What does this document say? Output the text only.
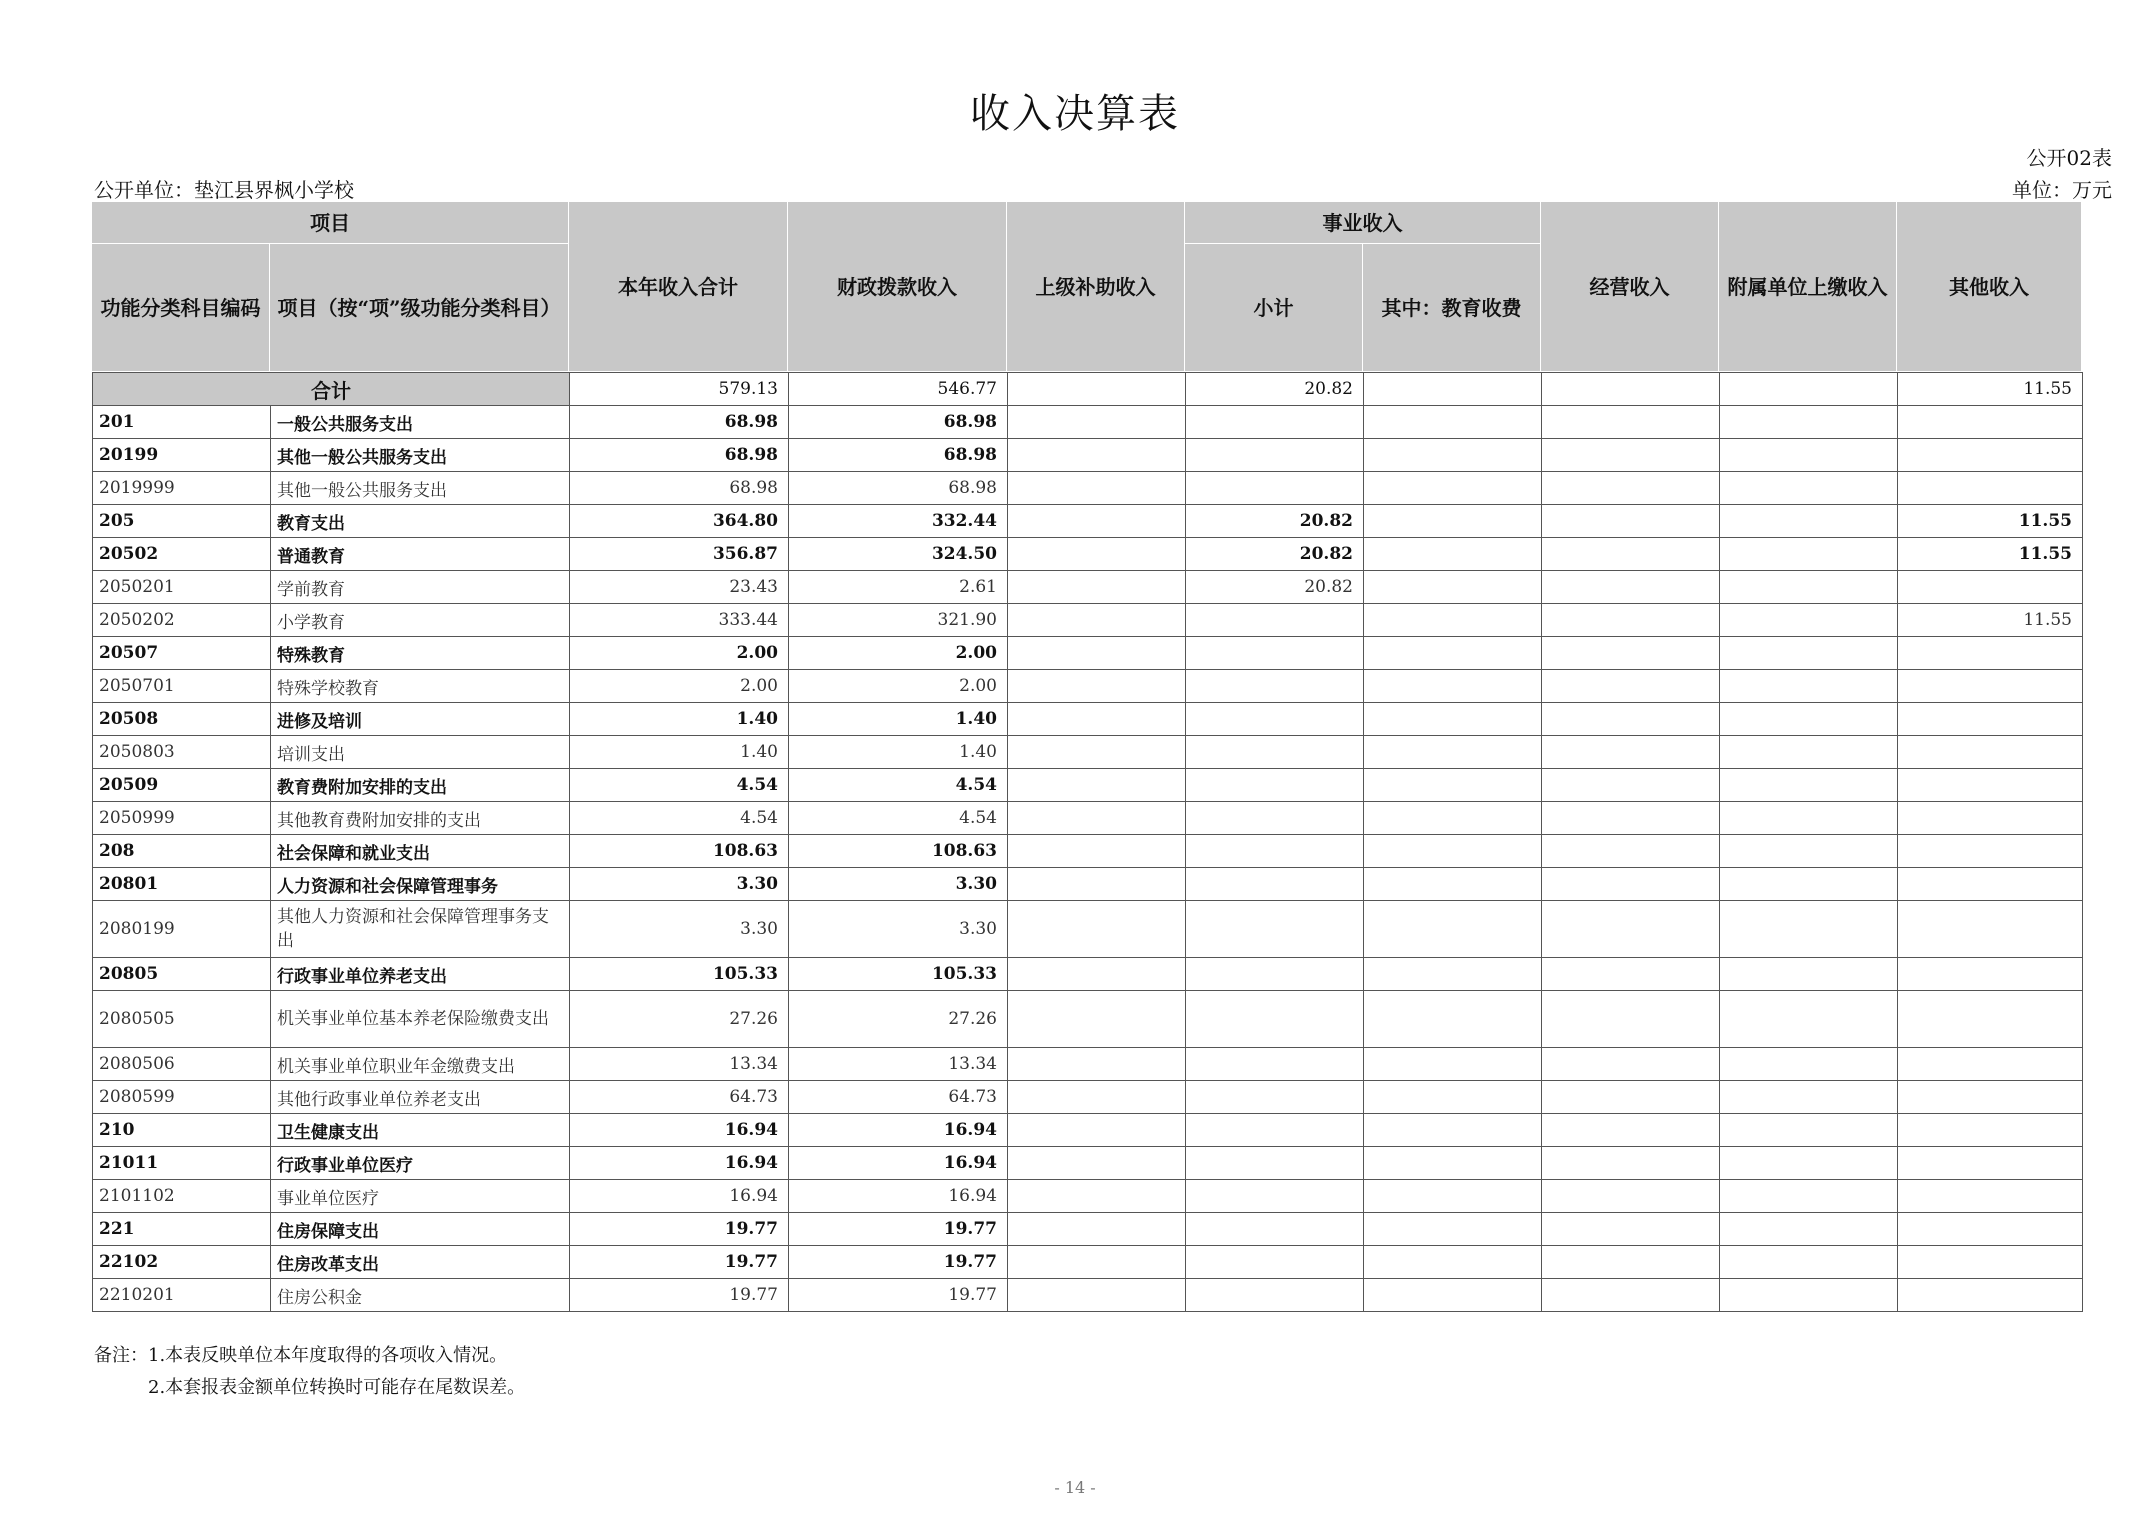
收入决算表
公开02表
公开单位：垫江县界枫小学校	单位：万元
项目
功能分类科目编码 项目（按“项”级功能分类科目）
本年收入合计	财政拨款收入	上级补助收入
事业收入
小计	其中：教育收费
经营收入	附属单位上缴收入	其他收入
合计		579.13	546.77		20.82				11.55
201	一般公共服务支出	68.98	68.98						
20199	其他一般公共服务支出	68.98	68.98						
2019999	其他一般公共服务支出	68.98	68.98						
205	教育支出	364.80	332.44		20.82				11.55
20502	普通教育	356.87	324.50		20.82				11.55
2050201	学前教育	23.43	2.61		20.82				
2050202	小学教育	333.44	321.90						11.55
20507	特殊教育	2.00	2.00						
2050701	特殊学校教育	2.00	2.00						
20508	进修及培训	1.40	1.40						
2050803	培训支出	1.40	1.40						
20509	教育费附加安排的支出	4.54	4.54						
2050999	其他教育费附加安排的支出	4.54	4.54						
208	社会保障和就业支出	108.63	108.63						
20801	人力资源和社会保障管理事务	3.30	3.30						
2080199	其他人力资源和社会保障管理事务支出	3.30	3.30						
20805	行政事业单位养老支出	105.33	105.33						
2080505	机关事业单位基本养老保险缴费支出	27.26	27.26						
2080506	机关事业单位职业年金缴费支出	13.34	13.34						
2080599	其他行政事业单位养老支出	64.73	64.73						
210	卫生健康支出	16.94	16.94						
21011	行政事业单位医疗	16.94	16.94						
2101102	事业单位医疗	16.94	16.94						
221	住房保障支出	19.77	19.77						
22102	住房改革支出	19.77	19.77						
2210201	住房公积金	19.77	19.77						
备注：1.本表反映单位本年度取得的各项收入情况。
2.本套报表金额单位转换时可能存在尾数误差。
- 14 -
